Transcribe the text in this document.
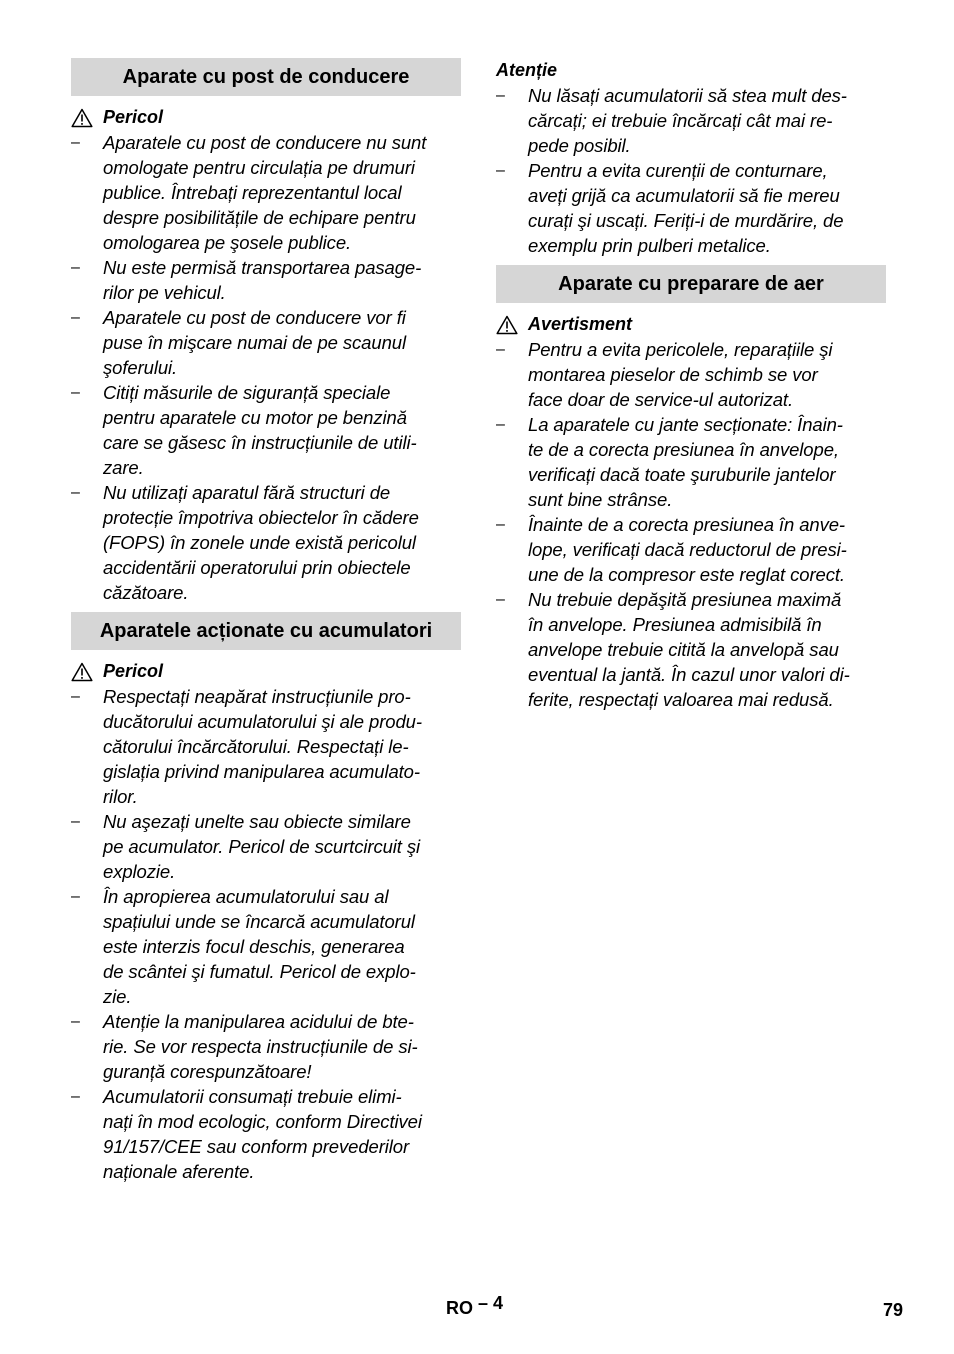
Aparate cu post de conducere
Pericol
– Aparatele cu post de conducere nu sunt
omologate pentru circulația pe drumuri
publice. Întrebați reprezentantul local
despre posibilitățile de echipare pentru
omologarea pe şosele publice.
– Nu este permisă transportarea pasage-
rilor pe vehicul.
– Aparatele cu post de conducere vor fi
puse în mişcare numai de pe scaunul
şoferului.
– Citiți măsurile de siguranță speciale
pentru aparatele cu motor pe benzină
care se găsesc în instrucțiunile de utili-
zare.
– Nu utilizați aparatul fără structuri de
protecție împotriva obiectelor în cădere
(FOPS) în zonele unde există pericolul
accidentării operatorului prin obiectele
căzătoare.
Aparatele acționate cu acumulatori
Pericol
– Respectați neapărat instrucțiunile pro-
ducătorului acumulatorului şi ale produ-
cătorului încărcătorului. Respectați le-
gislația privind manipularea acumulato-
rilor.
– Nu aşezați unelte sau obiecte similare
pe acumulator. Pericol de scurtcircuit şi
explozie.
– În apropierea acumulatorului sau al
spațiului unde se încarcă acumulatorul
este interzis focul deschis, generarea
de scântei şi fumatul. Pericol de explo-
zie.
– Atenție la manipularea acidului de bte-
rie. Se vor respecta instrucțiunile de si-
guranță corespunzătoare!
– Acumulatorii consumați trebuie elimi-
nați în mod ecologic, conform Directivei
91/157/CEE sau conform prevederilor
naționale aferente.
Atenție
– Nu lăsați acumulatorii să stea mult des-
cărcați; ei trebuie încărcați cât mai re-
pede posibil.
– Pentru a evita curenții de conturnare,
aveți grijă ca acumulatorii să fie mereu
curați şi uscați. Feriți-i de murdărire, de
exemplu prin pulberi metalice.
Aparate cu preparare de aer
Avertisment
– Pentru a evita pericolele, reparațiile şi
montarea pieselor de schimb se vor
face doar de service-ul autorizat.
– La aparatele cu jante secționate: Înain-
te de a corecta presiunea în anvelope,
verificați dacă toate şuruburile jantelor
sunt bine strânse.
– Înainte de a corecta presiunea în anve-
lope, verificați dacă reductorul de presi-
une de la compresor este reglat corect.
– Nu trebuie depăşită presiunea maximă
în anvelope. Presiunea admisibilă în
anvelope trebuie citită la anvelopă sau
eventual la jantă. În cazul unor valori di-
ferite, respectați valoarea mai redusă.
RO – 4	79
